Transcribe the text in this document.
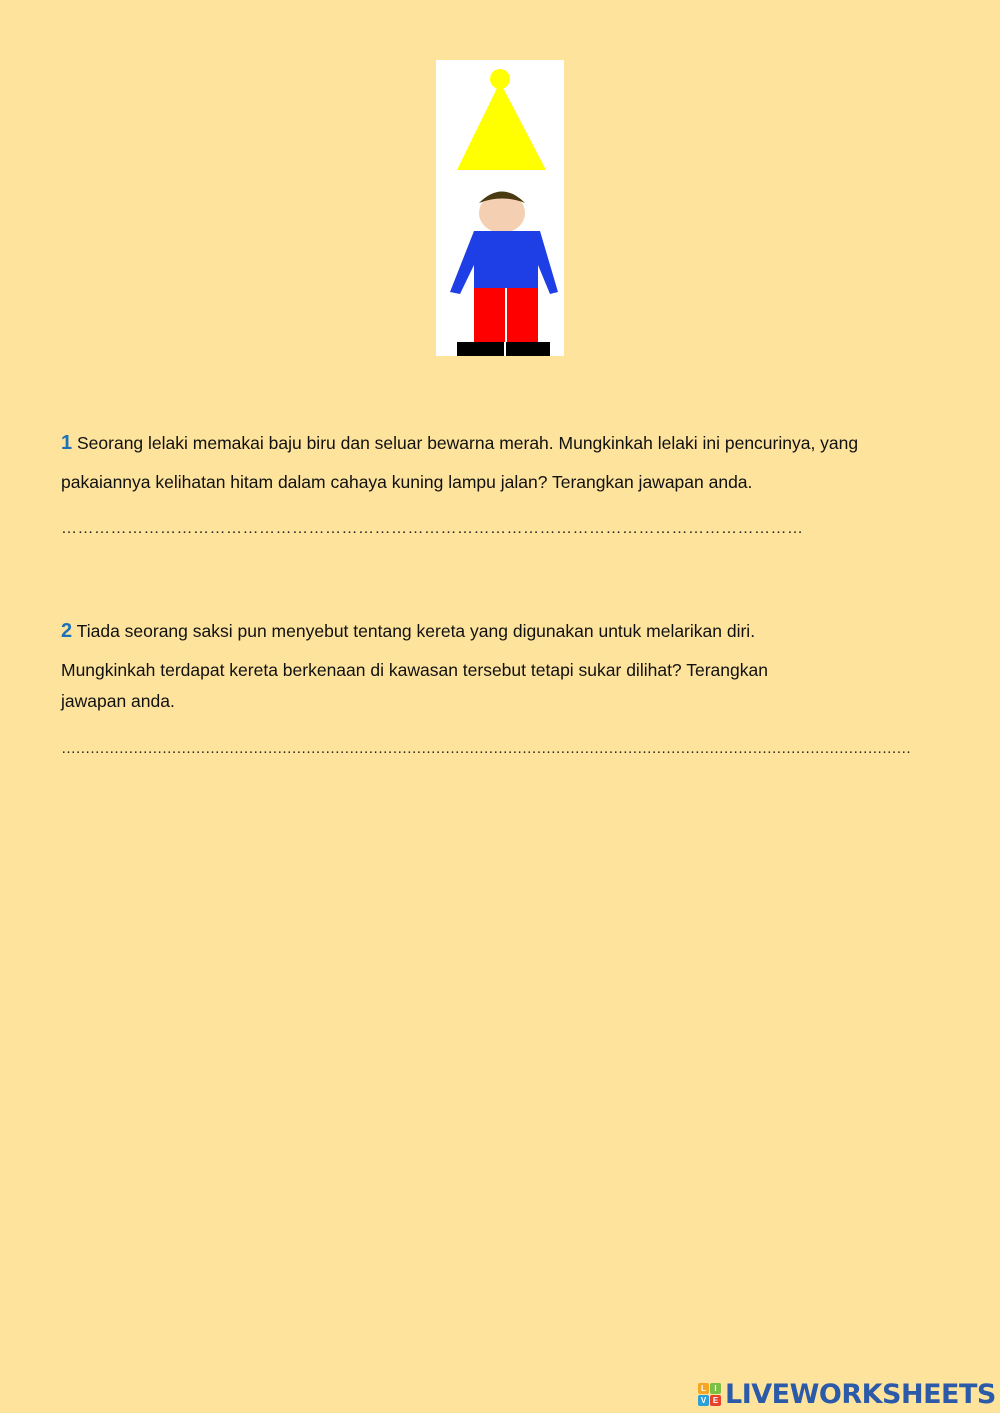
1 Seorang lelaki memakai baju biru dan seluar bewarna merah. Mungkinkah lelaki ini pencurinya, yang

pakaiannya kelihatan hitam dalam cahaya kuning lampu jalan? Terangkan jawapan anda.

………………………………………………………………………………………………………………………

2 Tiada seorang saksi pun menyebut tentang kereta yang digunakan untuk melarikan diri.

Mungkinkah terdapat kereta berkenaan di kawasan tersebut tetapi sukar dilihat? Terangkan

jawapan anda.

……………………………………………………………………………………………………………………………………………………………

L	I
V E LIVEWORKSHEETS
